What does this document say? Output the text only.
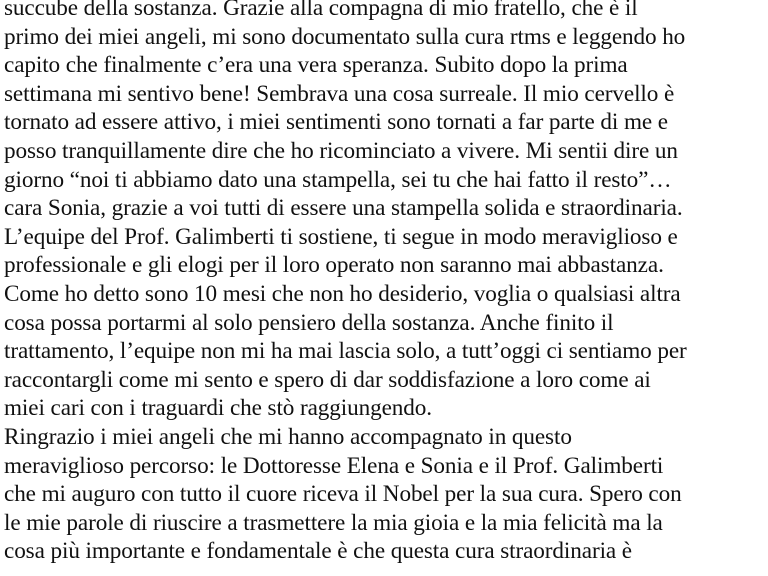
succube della sostanza. Grazie alla compagna di mio fratello, che è il
primo dei miei angeli, mi sono documentato sulla cura rtms e leggendo ho
capito che finalmente c’era una vera speranza. Subito dopo la prima
settimana mi sentivo bene! Sembrava una cosa surreale. Il mio cervello è
tornato ad essere attivo, i miei sentimenti sono tornati a far parte di me e
posso tranquillamente dire che ho ricominciato a vivere. Mi sentii dire un
giorno “noi ti abbiamo dato una stampella, sei tu che hai fatto il resto”…
cara Sonia, grazie a voi tutti di essere una stampella solida e straordinaria.
L’equipe del Prof. Galimberti ti sostiene, ti segue in modo meraviglioso e
professionale e gli elogi per il loro operato non saranno mai abbastanza.
Come ho detto sono 10 mesi che non ho desiderio, voglia o qualsiasi altra
cosa possa portarmi al solo pensiero della sostanza. Anche finito il
trattamento, l’equipe non mi ha mai lascia solo, a tutt’oggi ci sentiamo per
raccontargli come mi sento e spero di dar soddisfazione a loro come ai
miei cari con i traguardi che stò raggiungendo.
Ringrazio i miei angeli che mi hanno accompagnato in questo
meraviglioso percorso: le Dottoresse Elena e Sonia e il Prof. Galimberti
che mi auguro con tutto il cuore riceva il Nobel per la sua cura. Spero con
le mie parole di riuscire a trasmettere la mia gioia e la mia felicità ma la
cosa più importante e fondamentale è che questa cura straordinaria è
